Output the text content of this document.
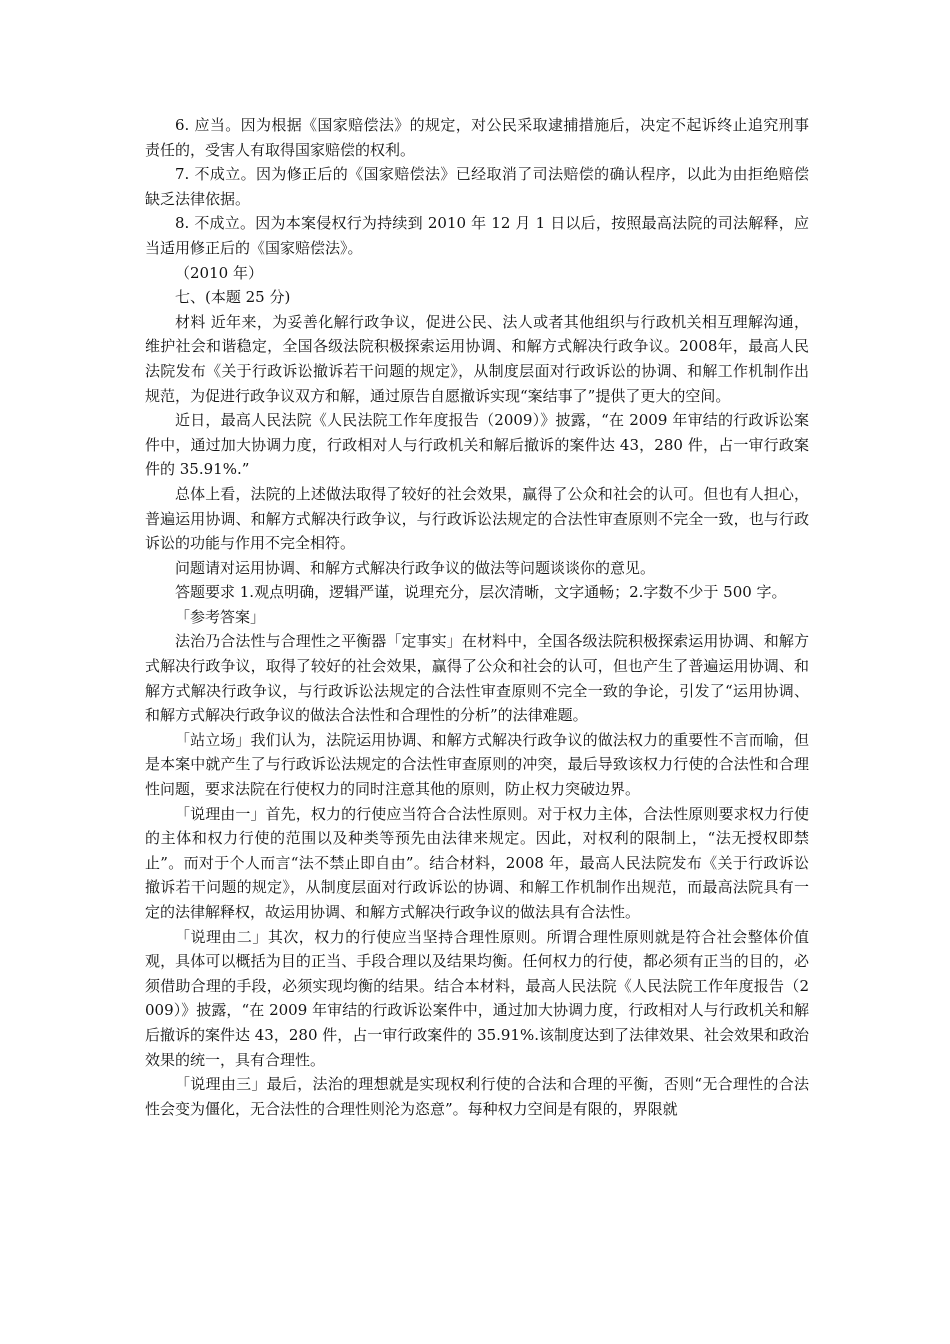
6. 应当。因为根据《国家赔偿法》的规定，对公民采取逮捕措施后，决定不起诉终止追究刑事责任的，受害人有取得国家赔偿的权利。

7. 不成立。因为修正后的《国家赔偿法》已经取消了司法赔偿的确认程序，以此为由拒绝赔偿缺乏法律依据。

8. 不成立。因为本案侵权行为持续到 2010 年 12 月 1 日以后，按照最高法院的司法解释，应当适用修正后的《国家赔偿法》。

（2010 年）

七、(本题 25 分)

材料 近年来，为妥善化解行政争议，促进公民、法人或者其他组织与行政机关相互理解沟通，维护社会和谐稳定，全国各级法院积极探索运用协调、和解方式解决行政争议。2008年，最高人民法院发布《关于行政诉讼撤诉若干问题的规定》，从制度层面对行政诉讼的协调、和解工作机制作出规范，为促进行政争议双方和解，通过原告自愿撤诉实现“案结事了”提供了更大的空间。

近日，最高人民法院《人民法院工作年度报告（2009）》披露，“在 2009 年审结的行政诉讼案件中，通过加大协调力度，行政相对人与行政机关和解后撤诉的案件达 43，280 件，占一审行政案件的 35.91%.”

总体上看，法院的上述做法取得了较好的社会效果，赢得了公众和社会的认可。但也有人担心，普遍运用协调、和解方式解决行政争议，与行政诉讼法规定的合法性审查原则不完全一致，也与行政诉讼的功能与作用不完全相符。

问题请对运用协调、和解方式解决行政争议的做法等问题谈谈你的意见。

答题要求 1.观点明确，逻辑严谨，说理充分，层次清晰，文字通畅；2.字数不少于 500 字。

「参考答案」

法治乃合法性与合理性之平衡器「定事实」在材料中，全国各级法院积极探索运用协调、和解方式解决行政争议，取得了较好的社会效果，赢得了公众和社会的认可，但也产生了普遍运用协调、和解方式解决行政争议，与行政诉讼法规定的合法性审查原则不完全一致的争论，引发了“运用协调、和解方式解决行政争议的做法合法性和合理性的分析”的法律难题。

「站立场」我们认为，法院运用协调、和解方式解决行政争议的做法权力的重要性不言而喻，但是本案中就产生了与行政诉讼法规定的合法性审查原则的冲突，最后导致该权力行使的合法性和合理性问题，要求法院在行使权力的同时注意其他的原则，防止权力突破边界。

「说理由一」首先，权力的行使应当符合合法性原则。对于权力主体，合法性原则要求权力行使的主体和权力行使的范围以及种类等预先由法律来规定。因此，对权利的限制上，“法无授权即禁止”。而对于个人而言“法不禁止即自由”。结合材料，2008 年，最高人民法院发布《关于行政诉讼撤诉若干问题的规定》，从制度层面对行政诉讼的协调、和解工作机制作出规范，而最高法院具有一定的法律解释权，故运用协调、和解方式解决行政争议的做法具有合法性。

「说理由二」其次，权力的行使应当坚持合理性原则。所谓合理性原则就是符合社会整体价值观，具体可以概括为目的正当、手段合理以及结果均衡。任何权力的行使，都必须有正当的目的，必须借助合理的手段，必须实现均衡的结果。结合本材料，最高人民法院《人民法院工作年度报告（2009）》披露，“在 2009 年审结的行政诉讼案件中，通过加大协调力度，行政相对人与行政机关和解后撤诉的案件达 43，280 件，占一审行政案件的 35.91%.该制度达到了法律效果、社会效果和政治效果的统一，具有合理性。

「说理由三」最后，法治的理想就是实现权利行使的合法和合理的平衡，否则“无合理性的合法性会变为僵化，无合法性的合理性则沦为恣意”。每种权力空间是有限的，界限就
